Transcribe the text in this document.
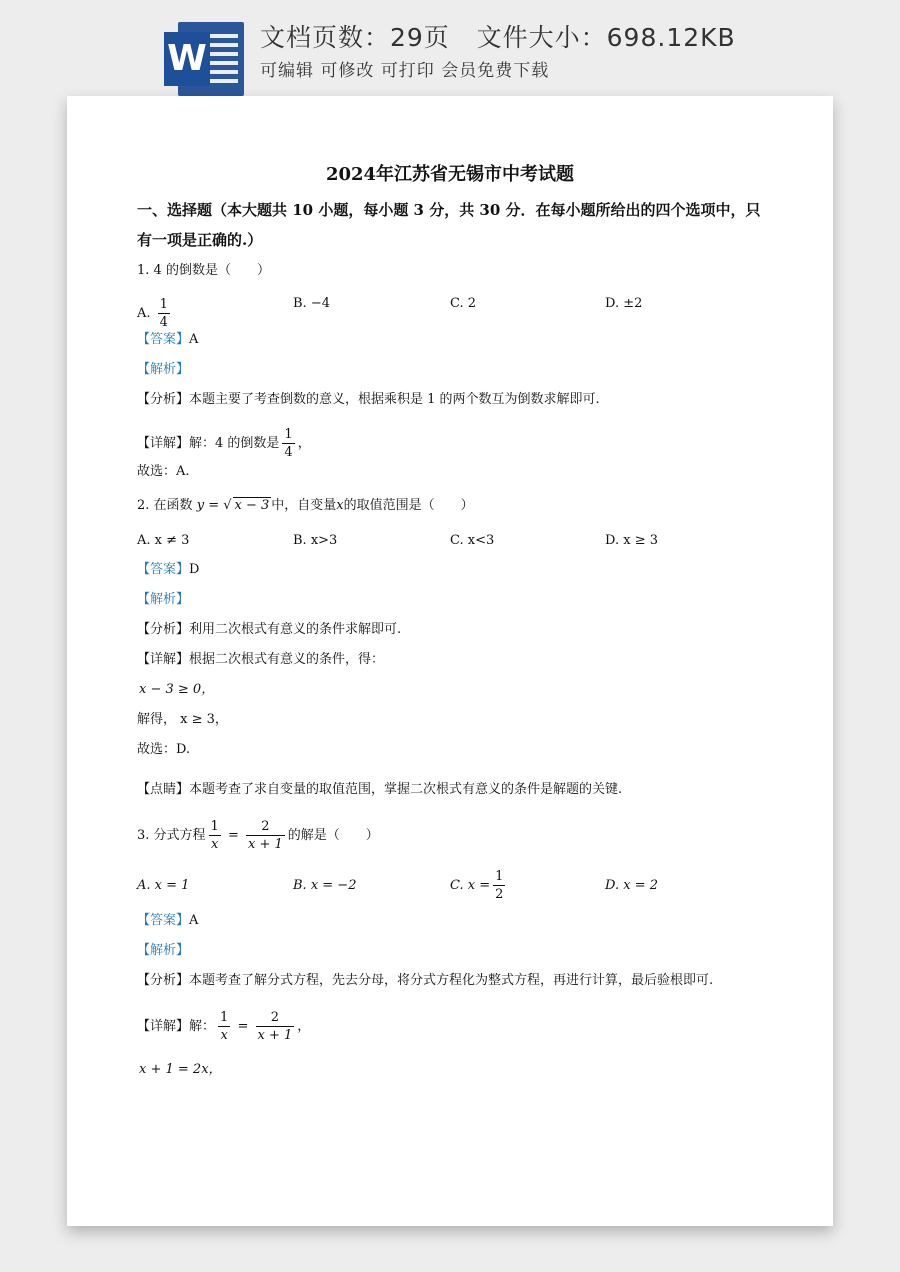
W
文档页数：29页   文件大小：698.12KB
可编辑 可修改 可打印 会员免费下载
2024年江苏省无锡市中考试题
一、选择题（本大题共 10 小题，每小题 3 分，共 30 分．在每小题所给出的四个选项中，只
有一项是正确的.）
1. 4 的倒数是（　　）
A. $\frac{1}{4}$	B. −4	C. 2	D. ±2
【答案】A
【解析】
【分析】本题主要了考查倒数的意义，根据乘积是 1 的两个数互为倒数求解即可.
【详解】解：4 的倒数是 $\frac{1}{4}$ ，
故选：A.
2. 在函数 y = √ x − 3 中，自变量x的取值范围是（　　）
A. x ≠ 3	B. x>3	C. x<3	D. x ≥ 3
【答案】D
【解析】
【分析】利用二次根式有意义的条件求解即可.
【详解】根据二次根式有意义的条件，得：
x − 3 ≥ 0，
解得， x ≥ 3，
故选：D.
【点睛】本题考查了求自变量的取值范围，掌握二次根式有意义的条件是解题的关键.
3. 分式方程 $\frac{1}{x} = \frac{2}{x + 1}$ 的解是（　　）
A. x = 1	B. x = −2	C. $x = \frac{1}{2}$	D. x = 2
【答案】A
【解析】
【分析】本题考查了解分式方程，先去分母，将分式方程化为整式方程，再进行计算，最后验根即可.
【详解】解： $\frac{1}{x} = \frac{2}{x + 1}$ ，
x + 1 = 2x，
